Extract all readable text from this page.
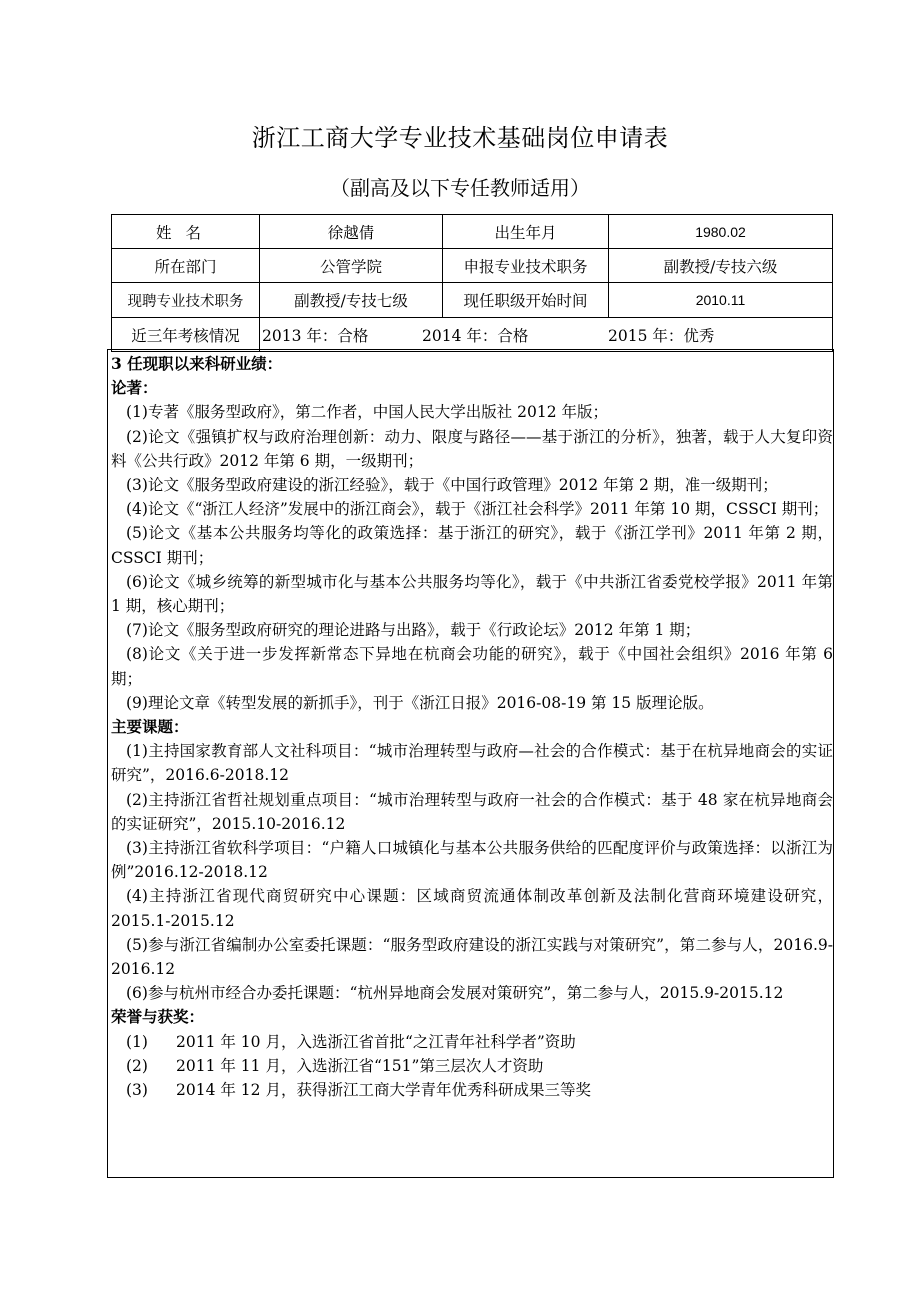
浙江工商大学专业技术基础岗位申请表
（副高及以下专任教师适用）
姓名	徐越倩	出生年月	1980.02
所在部门	公管学院	申报专业技术职务	副教授/专技六级
现聘专业技术职务	副教授/专技七级	现任职级开始时间	2010.11
近三年考核情况	2013 年：合格 2014 年：合格 2015 年：优秀		

3 任现职以来科研业绩：

论著：

(1)专著《服务型政府》，第二作者，中国人民大学出版社 2012 年版；

(2)论文《强镇扩权与政府治理创新：动力、限度与路径——基于浙江的分析》，独著，载于人大复印资料《公共行政》2012 年第 6 期，一级期刊；

(3)论文《服务型政府建设的浙江经验》，载于《中国行政管理》2012 年第 2 期，准一级期刊；

(4)论文《“浙江人经济”发展中的浙江商会》，载于《浙江社会科学》2011 年第 10 期，CSSCI 期刊；

(5)论文《基本公共服务均等化的政策选择：基于浙江的研究》，载于《浙江学刊》2011 年第 2 期，CSSCI 期刊；

(6)论文《城乡统筹的新型城市化与基本公共服务均等化》，载于《中共浙江省委党校学报》2011 年第 1 期，核心期刊；

(7)论文《服务型政府研究的理论进路与出路》，载于《行政论坛》2012 年第 1 期；

(8)论文《关于进一步发挥新常态下异地在杭商会功能的研究》，载于《中国社会组织》2016 年第 6 期；

(9)理论文章《转型发展的新抓手》，刊于《浙江日报》2016-08-19 第 15 版理论版。

主要课题：

(1)主持国家教育部人文社科项目：“城市治理转型与政府—社会的合作模式：基于在杭异地商会的实证研究”，2016.6-2018.12

(2)主持浙江省哲社规划重点项目：“城市治理转型与政府一社会的合作模式：基于 48 家在杭异地商会的实证研究”，2015.10-2016.12

(3)主持浙江省软科学项目：“户籍人口城镇化与基本公共服务供给的匹配度评价与政策选择：以浙江为例”2016.12-2018.12

(4)主持浙江省现代商贸研究中心课题：区域商贸流通体制改革创新及法制化营商环境建设研究，2015.1-2015.12

(5)参与浙江省编制办公室委托课题：“服务型政府建设的浙江实践与对策研究”，第二参与人，2016.9-2016.12

(6)参与杭州市经合办委托课题：“杭州异地商会发展对策研究”，第二参与人，2015.9-2015.12

荣誉与获奖：

(1) 2011 年 10 月，入选浙江省首批“之江青年社科学者”资助

(2) 2011 年 11 月，入选浙江省“151”第三层次人才资助

(3) 2014 年 12 月，获得浙江工商大学青年优秀科研成果三等奖
